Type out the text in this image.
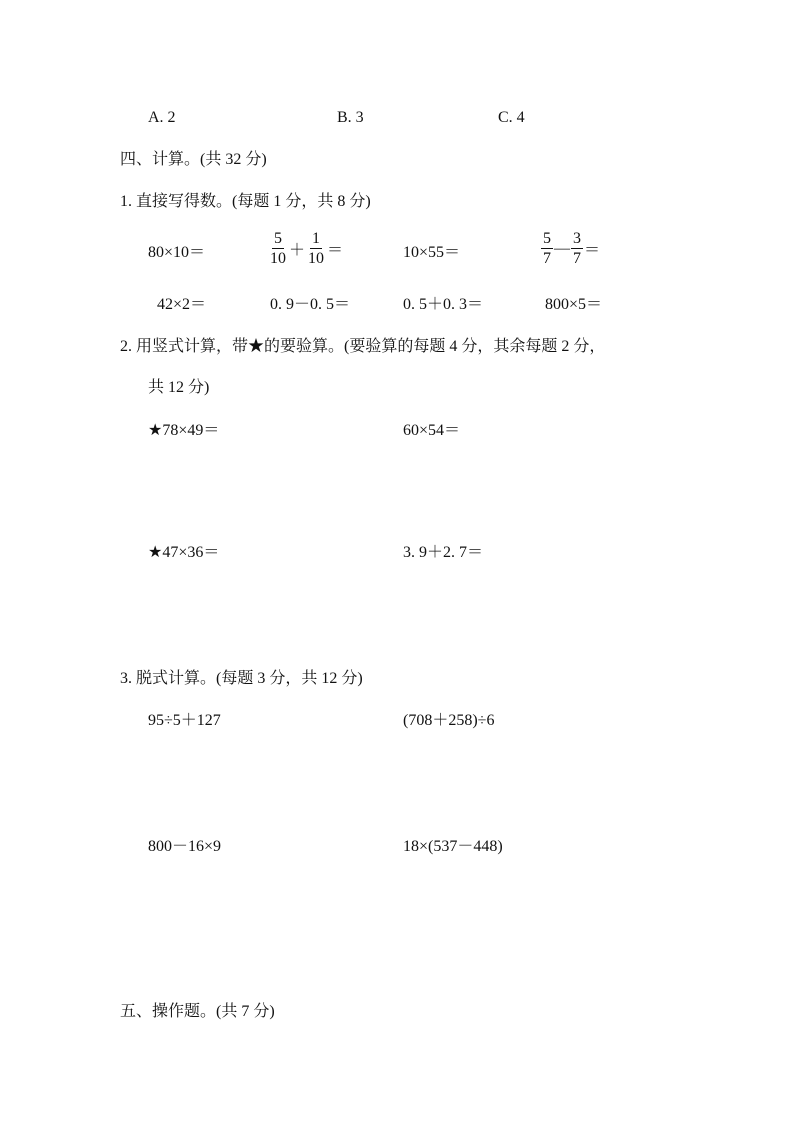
A. 2	B. 3	C. 4
四、计算。(共 32 分)
1. 直接写得数。(每题 1 分，共 8 分)
80×10＝	$\frac{5}{10} + \frac{1}{10}$ ＝	10×55＝	$\frac{5}{7}$ — $\frac{3}{7}$ ＝
42×2＝	0. 9－0. 5＝	0. 5＋0. 3＝	800×5＝
2. 用竖式计算，带★的要验算。(要验算的每题 4 分，其余每题 2 分，
共 12 分)
★78×49＝	60×54＝
★47×36＝	3. 9＋2. 7＝
3. 脱式计算。(每题 3 分，共 12 分)
95÷5＋127	(708＋258)÷6
800－16×9	18×(537－448)
五、操作题。(共 7 分)
